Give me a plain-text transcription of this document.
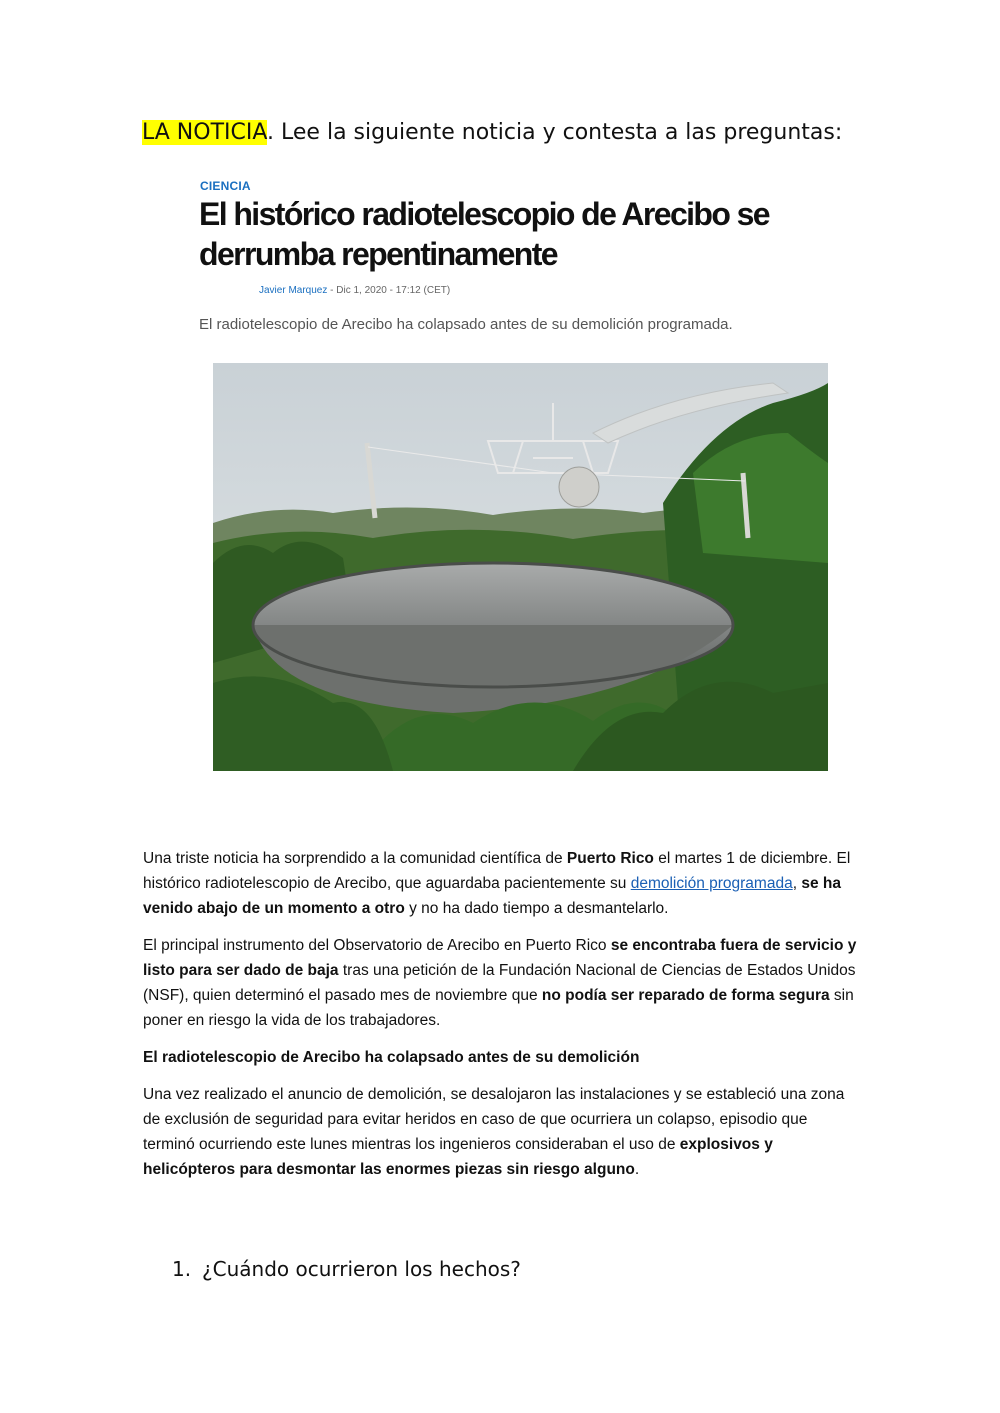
LA NOTICIA. Lee la siguiente noticia y contesta a las preguntas:
CIENCIA
El histórico radiotelescopio de Arecibo se derrumba repentinamente
Javier Marquez - Dic 1, 2020 - 17:12 (CET)
El radiotelescopio de Arecibo ha colapsado antes de su demolición programada.

Una triste noticia ha sorprendido a la comunidad científica de Puerto Rico el martes 1 de diciembre. El histórico radiotelescopio de Arecibo, que aguardaba pacientemente su demolición programada, se ha venido abajo de un momento a otro y no ha dado tiempo a desmantelarlo.

El principal instrumento del Observatorio de Arecibo en Puerto Rico se encontraba fuera de servicio y listo para ser dado de baja tras una petición de la Fundación Nacional de Ciencias de Estados Unidos (NSF), quien determinó el pasado mes de noviembre que no podía ser reparado de forma segura sin poner en riesgo la vida de los trabajadores.

El radiotelescopio de Arecibo ha colapsado antes de su demolición

Una vez realizado el anuncio de demolición, se desalojaron las instalaciones y se estableció una zona de exclusión de seguridad para evitar heridos en caso de que ocurriera un colapso, episodio que terminó ocurriendo este lunes mientras los ingenieros consideraban el uso de explosivos y helicópteros para desmontar las enormes piezas sin riesgo alguno.

1. ¿Cuándo ocurrieron los hechos?
